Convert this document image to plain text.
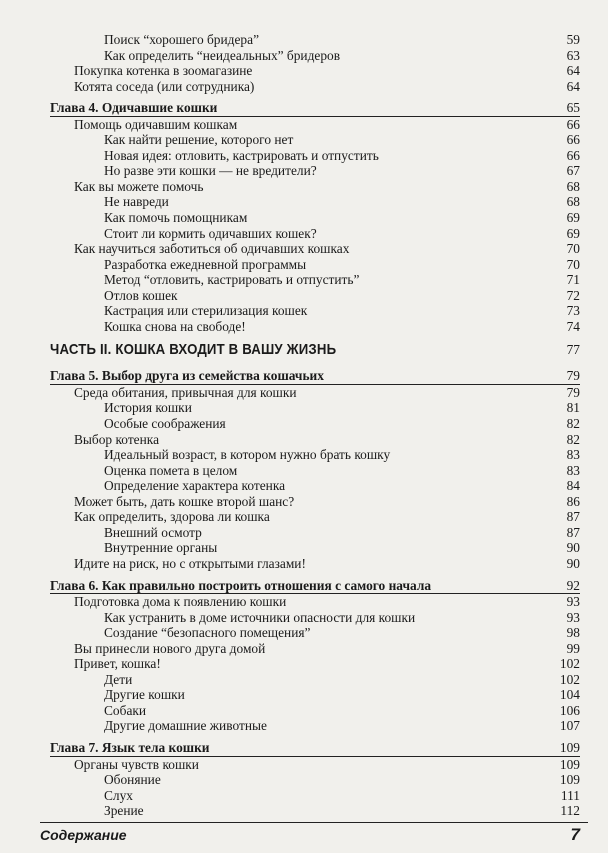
Поиск “хорошего бридера”	59
Как определить “неидеальных” бридеров	63
Покупка котенка в зоомагазине	64
Котята соседа (или сотрудника)	64
Глава 4. Одичавшие кошки	65
Помощь одичавшим кошкам	66
Как найти решение, которого нет	66
Новая идея: отловить, кастрировать и отпустить	66
Но разве эти кошки — не вредители?	67
Как вы можете помочь	68
Не навреди	68
Как помочь помощникам	69
Стоит ли кормить одичавших кошек?	69
Как научиться заботиться об одичавших кошках	70
Разработка ежедневной программы	70
Метод “отловить, кастрировать и отпустить”	71
Отлов кошек	72
Кастрация или стерилизация кошек	73
Кошка снова на свободе!	74
ЧАСТЬ II. КОШКА ВХОДИТ В ВАШУ ЖИЗНЬ	77
Глава 5. Выбор друга из семейства кошачьих	79
Среда обитания, привычная для кошки	79
История кошки	81
Особые соображения	82
Выбор котенка	82
Идеальный возраст, в котором нужно брать кошку	83
Оценка помета в целом	83
Определение характера котенка	84
Может быть, дать кошке второй шанс?	86
Как определить, здорова ли кошка	87
Внешний осмотр	87
Внутренние органы	90
Идите на риск, но с открытыми глазами!	90
Глава 6. Как правильно построить отношения с самого начала	92
Подготовка дома к появлению кошки	93
Как устранить в доме источники опасности для кошки	93
Создание “безопасного помещения”	98
Вы принесли нового друга домой	99
Привет, кошка!	102
Дети	102
Другие кошки	104
Собаки	106
Другие домашние животные	107
Глава 7. Язык тела кошки	109
Органы чувств кошки	109
Обоняние	109
Слух	111
Зрение	112
Содержание	7
